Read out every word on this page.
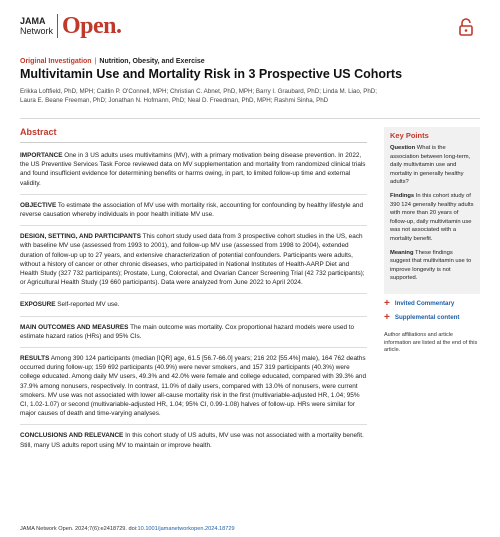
JAMA
Network Open.
Original Investigation | Nutrition, Obesity, and Exercise
Multivitamin Use and Mortality Risk in 3 Prospective US Cohorts
Erikka Loftfield, PhD, MPH; Caitlin P. O'Connell, MPH; Christian C. Abnet, PhD, MPH; Barry I. Graubard, PhD; Linda M. Liao, PhD;
Laura E. Beane Freeman, PhD; Jonathan N. Hofmann, PhD; Neal D. Freedman, PhD, MPH; Rashmi Sinha, PhD
Abstract

IMPORTANCE One in 3 US adults uses multivitamins (MV), with a primary motivation being disease prevention. In 2022, the US Preventive Services Task Force reviewed data on MV supplementation and mortality from randomized clinical trials and found insufficient evidence for determining benefits or harms owing, in part, to limited follow-up time and external validity.

OBJECTIVE To estimate the association of MV use with mortality risk, accounting for confounding by healthy lifestyle and reverse causation whereby individuals in poor health initiate MV use.

DESIGN, SETTING, AND PARTICIPANTS This cohort study used data from 3 prospective cohort studies in the US, each with baseline MV use (assessed from 1993 to 2001), and follow-up MV use (assessed from 1998 to 2004), extended duration of follow-up up to 27 years, and extensive characterization of potential confounders. Participants were adults, without a history of cancer or other chronic diseases, who participated in National Institutes of Health-AARP Diet and Health Study (327 732 participants); Prostate, Lung, Colorectal, and Ovarian Cancer Screening Trial (42 732 participants); or Agricultural Health Study (19 660 participants). Data were analyzed from June 2022 to April 2024.

EXPOSURE Self-reported MV use.

MAIN OUTCOMES AND MEASURES The main outcome was mortality. Cox proportional hazard models were used to estimate hazard ratios (HRs) and 95% CIs.

RESULTS Among 390 124 participants (median [IQR] age, 61.5 [56.7-66.0] years; 216 202 [55.4%] male), 164 762 deaths occurred during follow-up; 159 692 participants (40.9%) were never smokers, and 157 319 participants (40.3%) were college educated. Among daily MV users, 49.3% and 42.0% were female and college educated, compared with 39.3% and 37.9% among nonusers, respectively. In contrast, 11.0% of daily users, compared with 13.0% of nonusers, were current smokers. MV use was not associated with lower all-cause mortality risk in the first (multivariable-adjusted HR, 1.04; 95% CI, 1.02-1.07) or second (multivariable-adjusted HR, 1.04; 95% CI, 0.99-1.08) halves of follow-up. HRs were similar for major causes of death and time-varying analyses.

CONCLUSIONS AND RELEVANCE In this cohort study of US adults, MV use was not associated with a mortality benefit. Still, many US adults report using MV to maintain or improve health.

Key Points

Question What is the association between long-term, daily multivitamin use and mortality in generally healthy adults?

Findings In this cohort study of 390 124 generally healthy adults with more than 20 years of follow-up, daily multivitamin use was not associated with a mortality benefit.

Meaning These findings suggest that multivitamin use to improve longevity is not supported.

+ Invited Commentary
+ Supplemental content
Author affiliations and article information are listed at the end of this article.
JAMA Network Open. 2024;7(6):e2418729. doi:10.1001/jamanetworkopen.2024.18729
